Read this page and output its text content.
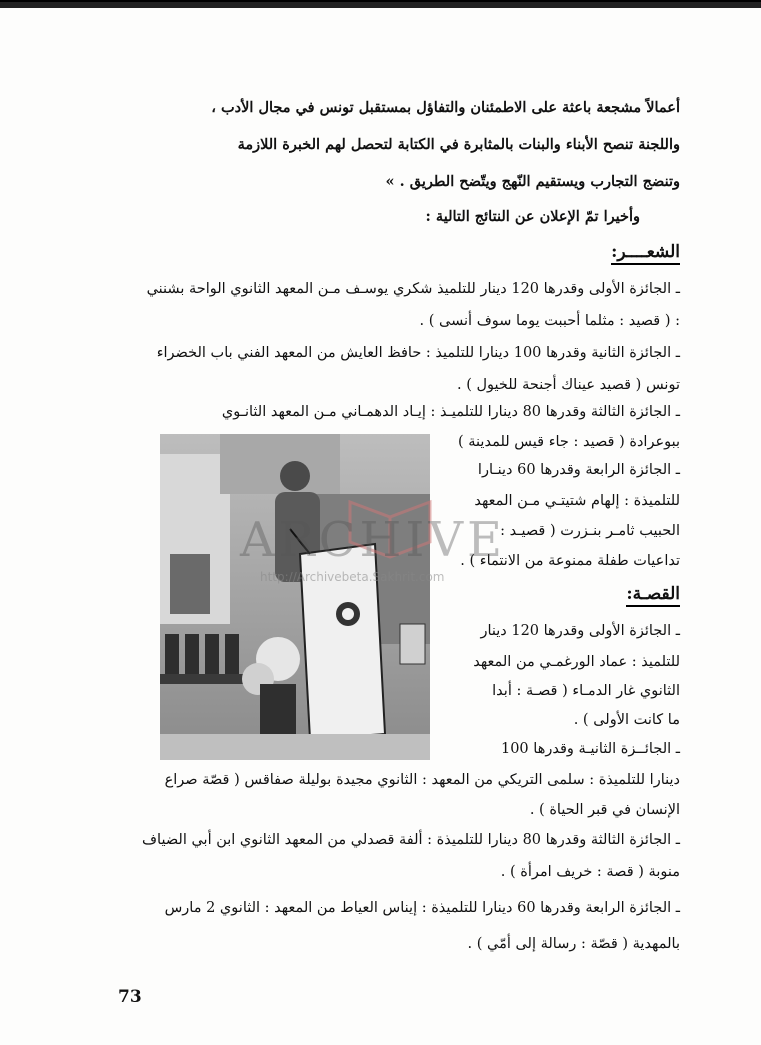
أعمالاً مشجعة باعثة على الاطمئنان والتفاؤل بمستقبل تونس في مجال الأدب ،
واللجنة تنصح الأبناء والبنات بالمثابرة في الكتابة لتحصل لهم الخبرة اللازمة
وتنضج التجارب ويستقيم النّهج ويتّضح الطريق . »
وأخيرا تمّ الإعلان عن النتائج التالية :
الشعــــر:
ـ الجائزة الأولى وقدرها 120 دينار للتلميذ شكري يوسـف مـن المعهد الثانوي الواحة بشنني
: ( قصيد : مثلما أحببت يوما سوف أنسى ) .
ـ الجائزة الثانية وقدرها 100 دينارا للتلميذ : حافظ العايش من المعهد الفني باب الخضراء
تونس ( قصيد عيناك أجنحة للخيول ) .
ـ الجائزة الثالثة وقدرها 80 دينارا للتلميـذ : إيـاد الدهمـاني مـن المعهد الثانـوي
ببوعرادة ( قصيد : جاء قيس للمدينة )
ـ الجائزة الرابعة وقدرها 60 دينـارا
للتلميذة : إلهام شتيتـي مـن المعهد
الحبيب ثامـر بنـزرت ( قصيـد :
تداعيات طفلة ممنوعة من الانتماء ) .
القصـة:
ـ الجائزة الأولى وقدرها 120 دينار
للتلميذ : عماد الورغمـي من المعهد
الثانوي غار الدمـاء ( قصـة : أبدا
ما كانت الأولى ) .
ـ الجائــزة الثانيـة وقدرها 100
دينارا للتلميذة : سلمى التريكي من المعهد : الثانوي مجيدة بوليلة صفاقس ( قصّة صراع
الإنسان في قبر الحياة ) .
ـ الجائزة الثالثة وقدرها 80 دينارا للتلميذة : ألفة قصدلي من المعهد الثانوي ابن أبي الضياف
منوبة ( قصة : خريف امرأة ) .
ـ الجائزة الرابعة وقدرها 60 دينارا للتلميذة : إيناس العياط من المعهد : الثانوي 2 مارس
بالمهدية ( قصّة : رسالة إلى أمّي ) .
ARCHIVE
http://Archivebeta.Sakhrit.com
73
